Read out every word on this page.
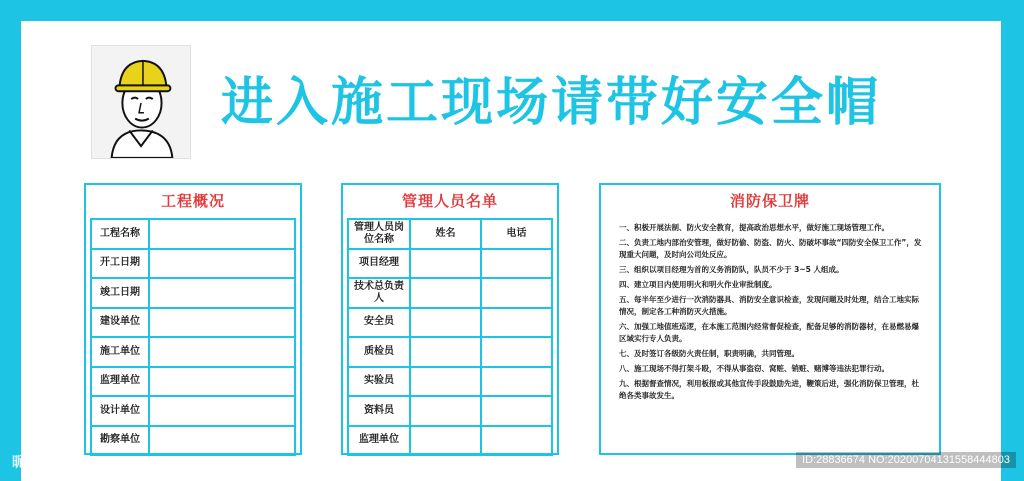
进入施工现场请带好安全帽
工程概况
工程名称	
开工日期	
竣工日期	
建设单位	
施工单位	
监理单位	
设计单位	
勘察单位	
管理人员名单
管理人员岗位名称	姓名	电话
项目经理		
技术总负责人		
安全员		
质检员		
实验员		
资料员		
监理单位		
消防保卫牌

一、积极开展法制、防火安全教育，提高政治思想水平，做好施工现场管理工作。

二、负责工地内部治安管理，做好防偷、防盗、防火、防破坏事故“四防安全保卫工作”，发现重大问题，及时向公司处反应。

三、组织以项目经理为首的义务消防队，队员不少于 3~5 人组成。

四、建立项目内使用明火和明火作业审批制度。

五、每半年至少进行一次消防器具、消防安全意识检查，发现问题及时处理，结合工地实际情况，制定各工种消防灭火措施。

六、加强工地值班巡逻，在本施工范围内经常督促检查，配备足够的消防器材，在易燃易爆区域实行专人负责。

七、及时签订各级防火责任制，职责明确，共同管理。

八、施工现场不得打架斗殴，不得从事盗窃、窝赃、销赃、赌博等违法犯罪行动。

九、根据督查情况，利用板报或其他宣传手段鼓励先进，鞭策后进，强化消防保卫管理，杜绝各类事故发生。

昵享网 www.nipic.com	ID:28836674 NO:20200704131558444803
